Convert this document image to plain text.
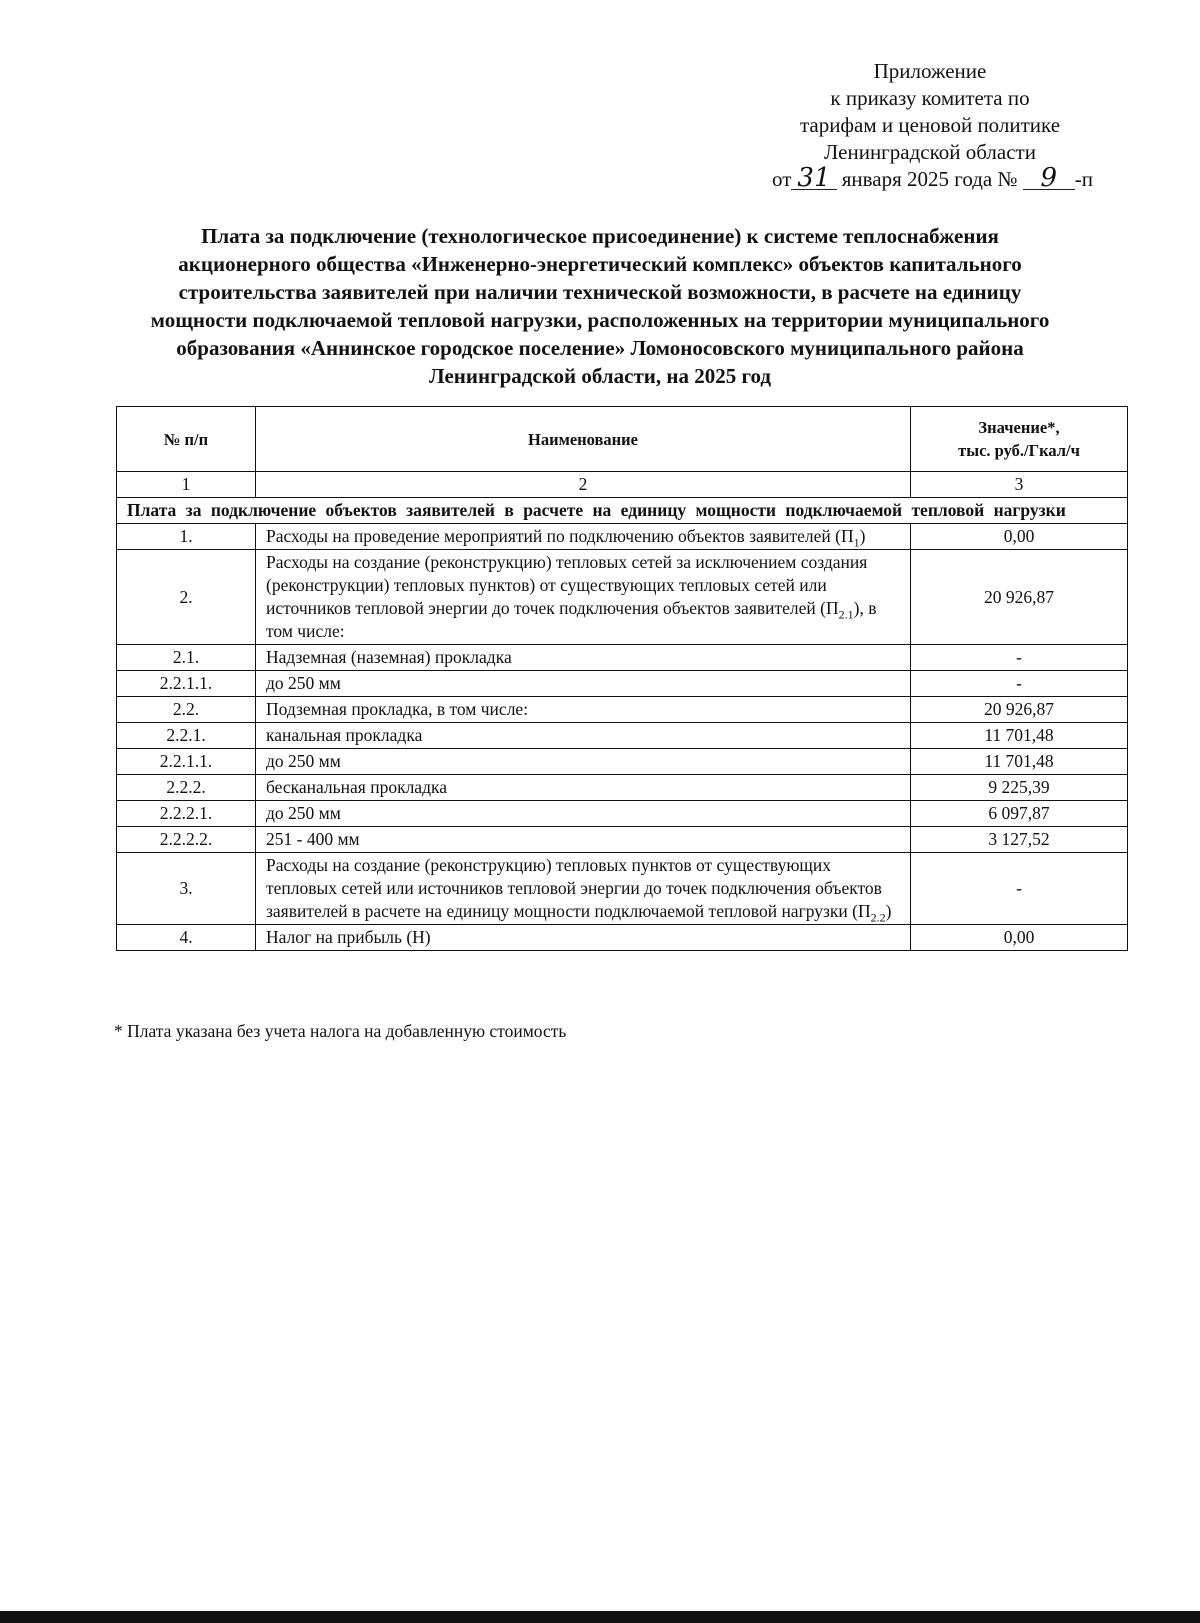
Приложение
к приказу комитета по
тарифам и ценовой политике
Ленинградской области
от 31 января 2025 года № 9 -п
Плата за подключение (технологическое присоединение) к системе теплоснабжения
акционерного общества «Инженерно-энергетический комплекс» объектов капитального
строительства заявителей при наличии технической возможности, в расчете на единицу
мощности подключаемой тепловой нагрузки, расположенных на территории муниципального
образования «Аннинское городское поселение» Ломоносовского муниципального района
Ленинградской области, на 2025 год
№ п/п	Наименование	Значение*,
тыс. руб./Гкал/ч
1	2	3
Плата за подключение объектов заявителей в расчете на единицу мощности подключаемой тепловой нагрузки		
1.	Расходы на проведение мероприятий по подключению объектов заявителей $(П_1)$	0,00
2.	Расходы на создание (реконструкцию) тепловых сетей за исключением создания (реконструкции) тепловых пунктов) от существующих тепловых сетей или источников тепловой энергии до точек подключения объектов заявителей $(П_{2.1})$, в том числе:	20 926,87
2.1.	Надземная (наземная) прокладка	-
2.2.1.1.	до 250 мм	-
2.2.	Подземная прокладка, в том числе:	20 926,87
2.2.1.	канальная прокладка	11 701,48
2.2.1.1.	до 250 мм	11 701,48
2.2.2.	бесканальная прокладка	9 225,39
2.2.2.1.	до 250 мм	6 097,87
2.2.2.2.	251 - 400 мм	3 127,52
3.	Расходы на создание (реконструкцию) тепловых пунктов от существующих тепловых сетей или источников тепловой энергии до точек подключения объектов заявителей в расчете на единицу мощности подключаемой тепловой нагрузки $(П_{2.2})$	-
4.	Налог на прибыль (Н)	0,00
* Плата указана без учета налога на добавленную стоимость
